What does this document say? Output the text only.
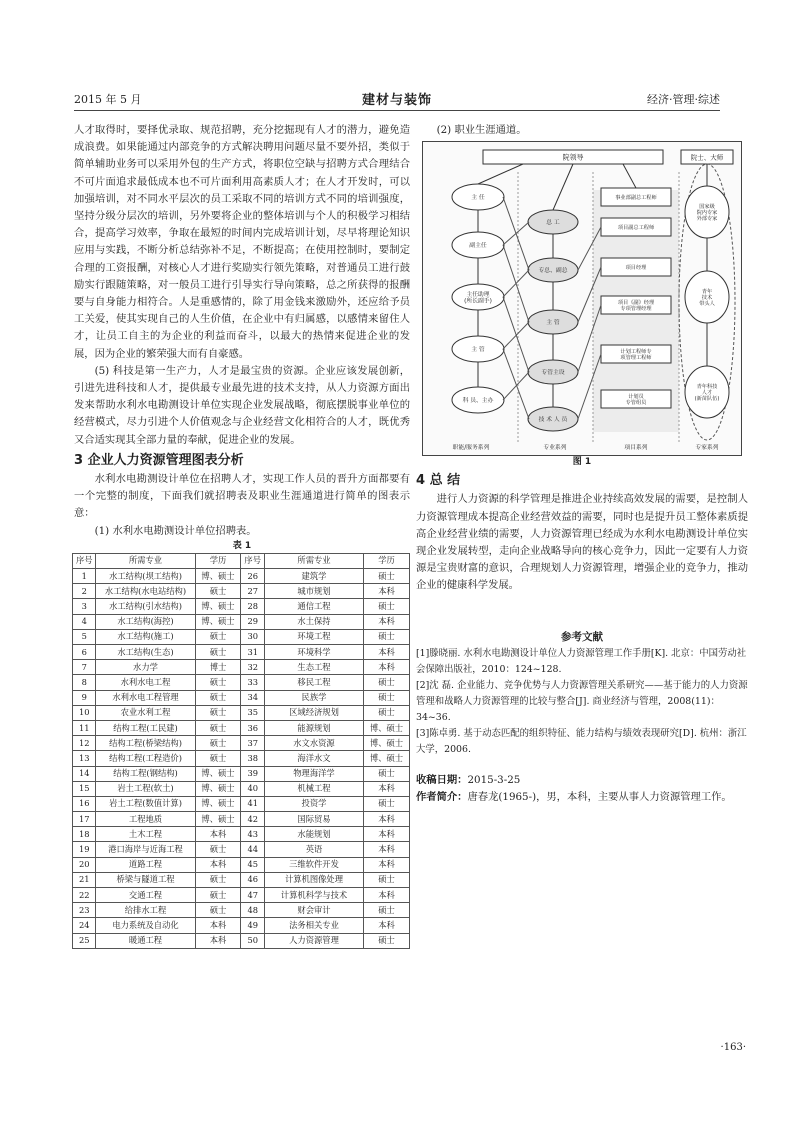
2015 年 5 月	建材与装饰	经济·管理·综述

人才取得时，要择优录取、规范招聘，充分挖掘现有人才的潜力，避免造成浪费。如果能通过内部竞争的方式解决聘用问题尽量不要外招，类似于简单辅助业务可以采用外包的生产方式，将职位空缺与招聘方式合理结合不可片面追求最低成本也不可片面利用高素质人才；在人才开发时，可以加强培训，对不同水平层次的员工采取不同的培训方式不同的培训强度，坚持分级分层次的培训，另外要将企业的整体培训与个人的积极学习相结合，提高学习效率，争取在最短的时间内完成培训计划，尽早将理论知识应用与实践，不断分析总结弥补不足，不断提高；在使用控制时，要制定合理的工资报酬，对核心人才进行奖励实行领先策略，对普通员工进行鼓励实行跟随策略，对一般员工进行引导实行导向策略，总之所获得的报酬要与自身能力相符合。人是重感情的，除了用金钱来激励外，还应给予员工关爱，使其实现自己的人生价值，在企业中有归属感，以感情来留住人才，让员工自主的为企业的利益而奋斗，以最大的热情来促进企业的发展，因为企业的繁荣强大而有自豪感。

(5) 科技是第一生产力，人才是最宝贵的资源。企业应该发展创新，引进先进科技和人才，提供最专业最先进的技术支持，从人力资源方面出发来帮助水利水电勘测设计单位实现企业发展战略，彻底摆脱事业单位的经营模式，尽力引进个人价值观念与企业经营文化相符合的人才，既优秀又合适实现其全部力量的奉献，促进企业的发展。

3 企业人力资源管理图表分析

水利水电勘测设计单位在招聘人才，实现工作人员的晋升方面都要有一个完整的制度，下面我们就招聘表及职业生涯通道进行简单的图表示意：

(1) 水利水电勘测设计单位招聘表。

表 1
序号	所需专业	学历	序号	所需专业	学历
1	水工结构(坝工结构)	博、硕士	26	建筑学	硕士
2	水工结构(水电站结构)	硕士	27	城市规划	本科
3	水工结构(引水结构)	博、硕士	28	通信工程	硕士
4	水工结构(海控)	博、硕士	29	水土保持	本科
5	水工结构(施工)	硕士	30	环境工程	硕士
6	水工结构(生态)	硕士	31	环境科学	本科
7	水力学	博士	32	生态工程	本科
8	水利水电工程	硕士	33	移民工程	硕士
9	水利水电工程管理	硕士	34	民族学	硕士
10	农业水利工程	硕士	35	区域经济规划	硕士
11	结构工程(工民建)	硕士	36	能源规划	博、硕士
12	结构工程(桥梁结构)	硕士	37	水文水资源	博、硕士
13	结构工程(工程造价)	硕士	38	海洋水文	博、硕士
14	结构工程(钢结构)	博、硕士	39	物理海洋学	硕士
15	岩土工程(软土)	博、硕士	40	机械工程	本科
16	岩土工程(数值计算)	博、硕士	41	投资学	硕士
17	工程地质	博、硕士	42	国际贸易	本科
18	土木工程	本科	43	水能规划	本科
19	港口海岸与近海工程	硕士	44	英语	本科
20	道路工程	本科	45	三维软件开发	本科
21	桥梁与隧道工程	硕士	46	计算机图像处理	硕士
22	交通工程	硕士	47	计算机科学与技术	本科
23	给排水工程	硕士	48	财会审计	硕士
24	电力系统及自动化	本科	49	法务相关专业	本科
25	暖通工程	本科	50	人力资源管理	硕士

(2) 职业生涯通道。

院领导	院士、大师
主 任
副主任
主任助理(所长副手)
主 管
科 员、主办
总 工
专总、副总
主 管
专管主设
技 术 人 员
事业部副总工程师
项目副总工程师
项目经理
项目《副》经理专项管理经理
计划工程师专项管理工程师
计划员专管组员
国家级院内专家外部专家
青年技术带头人
青年科技人才(新苗队伍)
职能/服务系列	专业系列	项目系列	专家系列
图 1
4 总 结

进行人力资源的科学管理是推进企业持续高效发展的需要，是控制人力资源管理成本提高企业经营效益的需要，同时也是提升员工整体素质提高企业经营业绩的需要，人力资源管理已经成为水利水电勘测设计单位实现企业发展转型，走向企业战略导向的核心竞争力，因此一定要有人力资源是宝贵财富的意识，合理规划人力资源管理，增强企业的竞争力，推动企业的健康科学发展。

参考文献
[1]滕晓丽. 水利水电勘测设计单位人力资源管理工作手册[K]. 北京：中国劳动社会保障出版社，2010：124~128.
[2]沈 磊. 企业能力、竞争优势与人力资源管理关系研究——基于能力的人力资源管理和战略人力资源管理的比较与整合[J]. 商业经济与管理，2008(11)：34~36.
[3]陈卓勇. 基于动态匹配的组织特征、能力结构与绩效表现研究[D]. 杭州：浙江大学，2006.
收稿日期：2015-3-25
作者简介：唐春龙(1965-)，男，本科，主要从事人力资源管理工作。
·163·
